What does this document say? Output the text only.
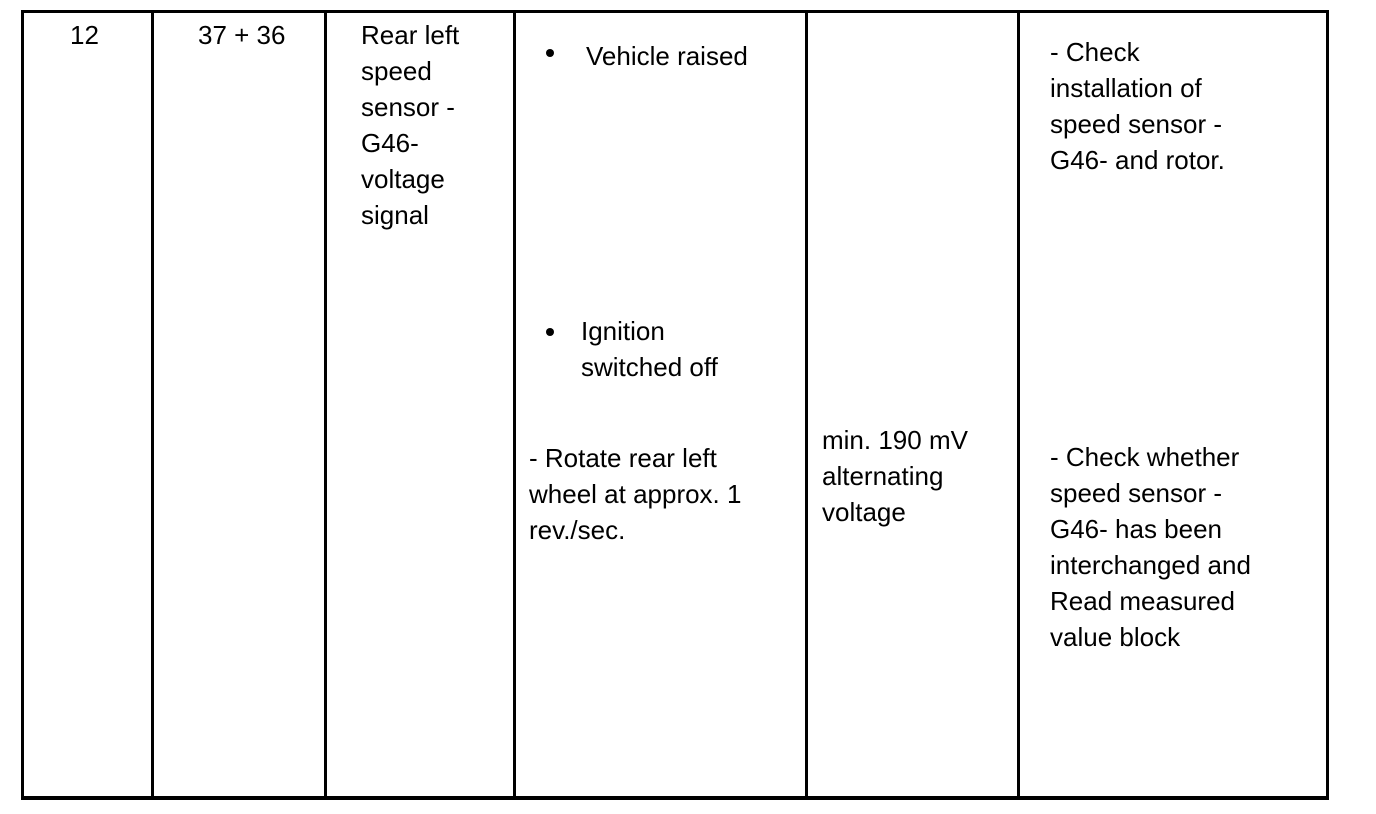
12	37 + 36	Rear left
speed
sensor -
G46-
voltage
signal
Vehicle raised
Ignition
switched off
- Rotate rear left
wheel at approx. 1
rev./sec.
min. 190 mV
alternating
voltage
- Check
installation of
speed sensor -
G46- and rotor.
- Check whether
speed sensor -
G46- has been
interchanged and
Read measured
value block
